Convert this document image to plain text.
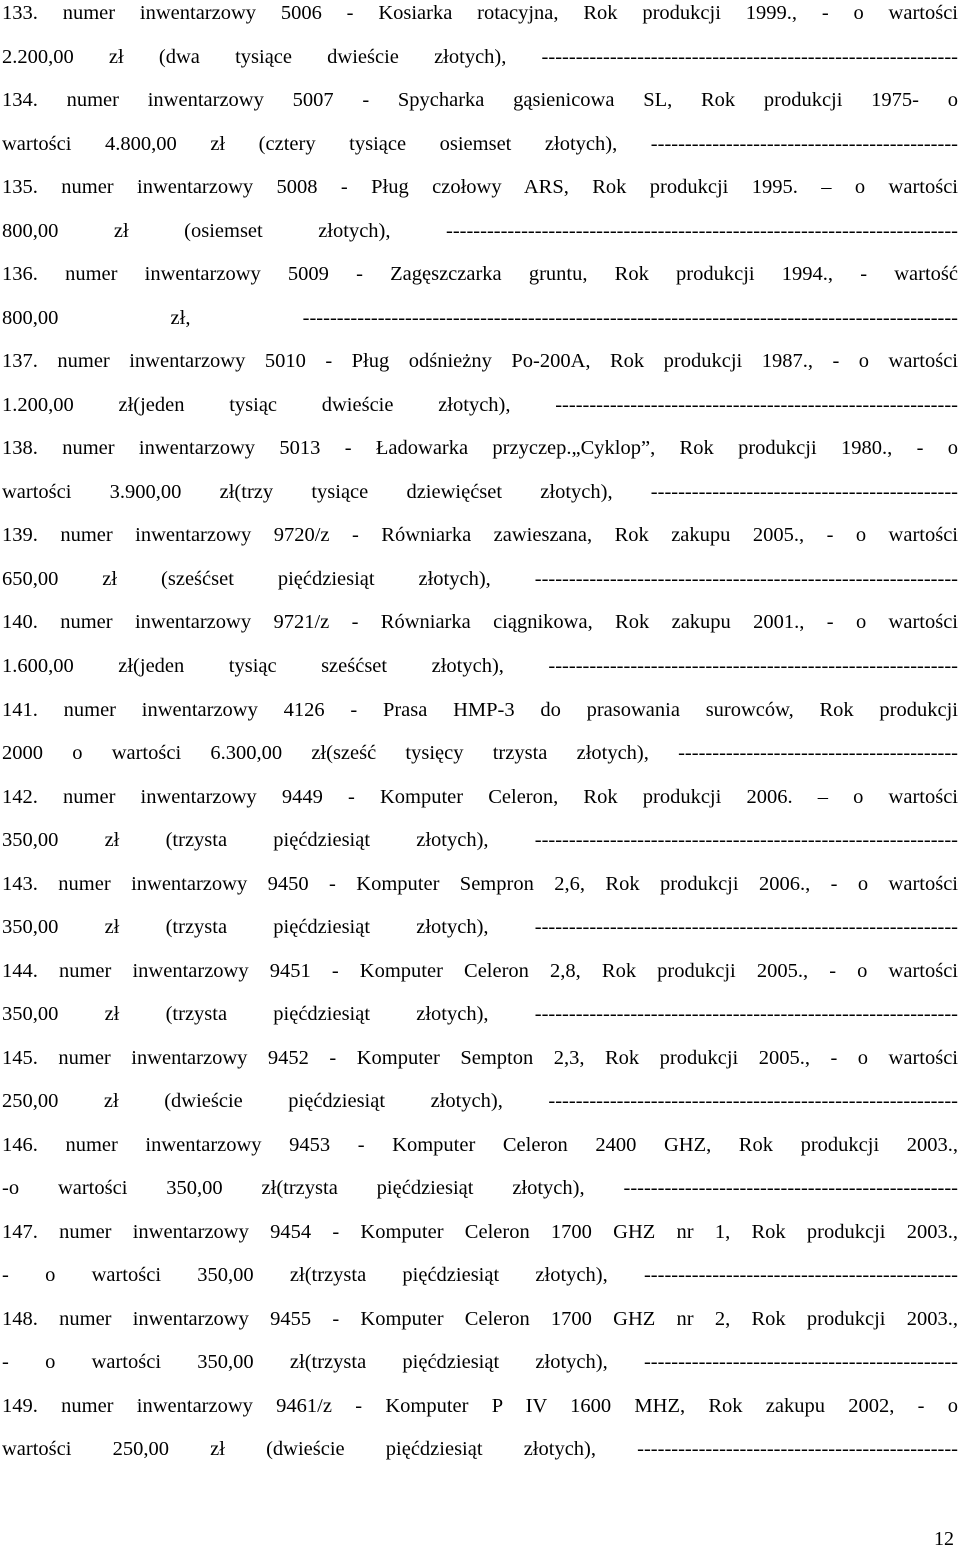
133. numer inwentarzowy 5006 - Kosiarka rotacyjna, Rok produkcji 1999., - o wartości
2.200,00 zł (dwa tysiące dwieście złotych), -------------------------------------------------------------
134. numer inwentarzowy 5007 - Spycharka gąsienicowa SL, Rok produkcji 1975- o
wartości 4.800,00 zł (cztery tysiące osiemset złotych), ---------------------------------------------
135. numer inwentarzowy 5008 - Pług czołowy ARS, Rok produkcji 1995. – o wartości
800,00 zł (osiemset złotych), ---------------------------------------------------------------------------
136. numer inwentarzowy 5009 - Zagęszczarka gruntu, Rok produkcji 1994., - wartość
800,00 zł, ------------------------------------------------------------------------------------------------
137. numer inwentarzowy 5010 - Pług odśnieżny Po-200A, Rok produkcji 1987., - o wartości
1.200,00 zł(jeden tysiąc dwieście złotych), -----------------------------------------------------------
138. numer inwentarzowy 5013 - Ładowarka przyczep.„Cyklop”, Rok produkcji 1980., - o
wartości 3.900,00 zł(trzy tysiące dziewięćset złotych), ---------------------------------------------
139. numer inwentarzowy 9720/z - Równiarka zawieszana, Rok zakupu 2005., - o wartości
650,00 zł (sześćset pięćdziesiąt złotych), --------------------------------------------------------------
140. numer inwentarzowy 9721/z - Równiarka ciągnikowa, Rok zakupu 2001., - o wartości
1.600,00 zł(jeden tysiąc sześćset złotych), ------------------------------------------------------------
141. numer inwentarzowy 4126 - Prasa HMP-3 do prasowania surowców, Rok produkcji
2000 o wartości 6.300,00 zł(sześć tysięcy trzysta złotych), -----------------------------------------
142. numer inwentarzowy 9449 - Komputer Celeron, Rok produkcji 2006. – o wartości
350,00 zł (trzysta pięćdziesiąt złotych), --------------------------------------------------------------
143. numer inwentarzowy 9450 - Komputer Sempron 2,6, Rok produkcji 2006., - o wartości
350,00 zł (trzysta pięćdziesiąt złotych), --------------------------------------------------------------
144. numer inwentarzowy 9451 - Komputer Celeron 2,8, Rok produkcji 2005., - o wartości
350,00 zł (trzysta pięćdziesiąt złotych), --------------------------------------------------------------
145. numer inwentarzowy 9452 - Komputer Sempton 2,3, Rok produkcji 2005., - o wartości
250,00 zł (dwieście pięćdziesiąt złotych), ------------------------------------------------------------
146. numer inwentarzowy 9453 - Komputer Celeron 2400 GHZ, Rok produkcji 2003.,
-o wartości 350,00 zł(trzysta pięćdziesiąt złotych), -------------------------------------------------
147. numer inwentarzowy 9454 - Komputer Celeron 1700 GHZ nr 1, Rok produkcji 2003.,
- o wartości 350,00 zł(trzysta pięćdziesiąt złotych), ----------------------------------------------
148. numer inwentarzowy 9455 - Komputer Celeron 1700 GHZ nr 2, Rok produkcji 2003.,
- o wartości 350,00 zł(trzysta pięćdziesiąt złotych), ----------------------------------------------
149. numer inwentarzowy 9461/z - Komputer P IV 1600 MHZ, Rok zakupu 2002, - o
wartości 250,00 zł (dwieście pięćdziesiąt złotych), -----------------------------------------------
12
